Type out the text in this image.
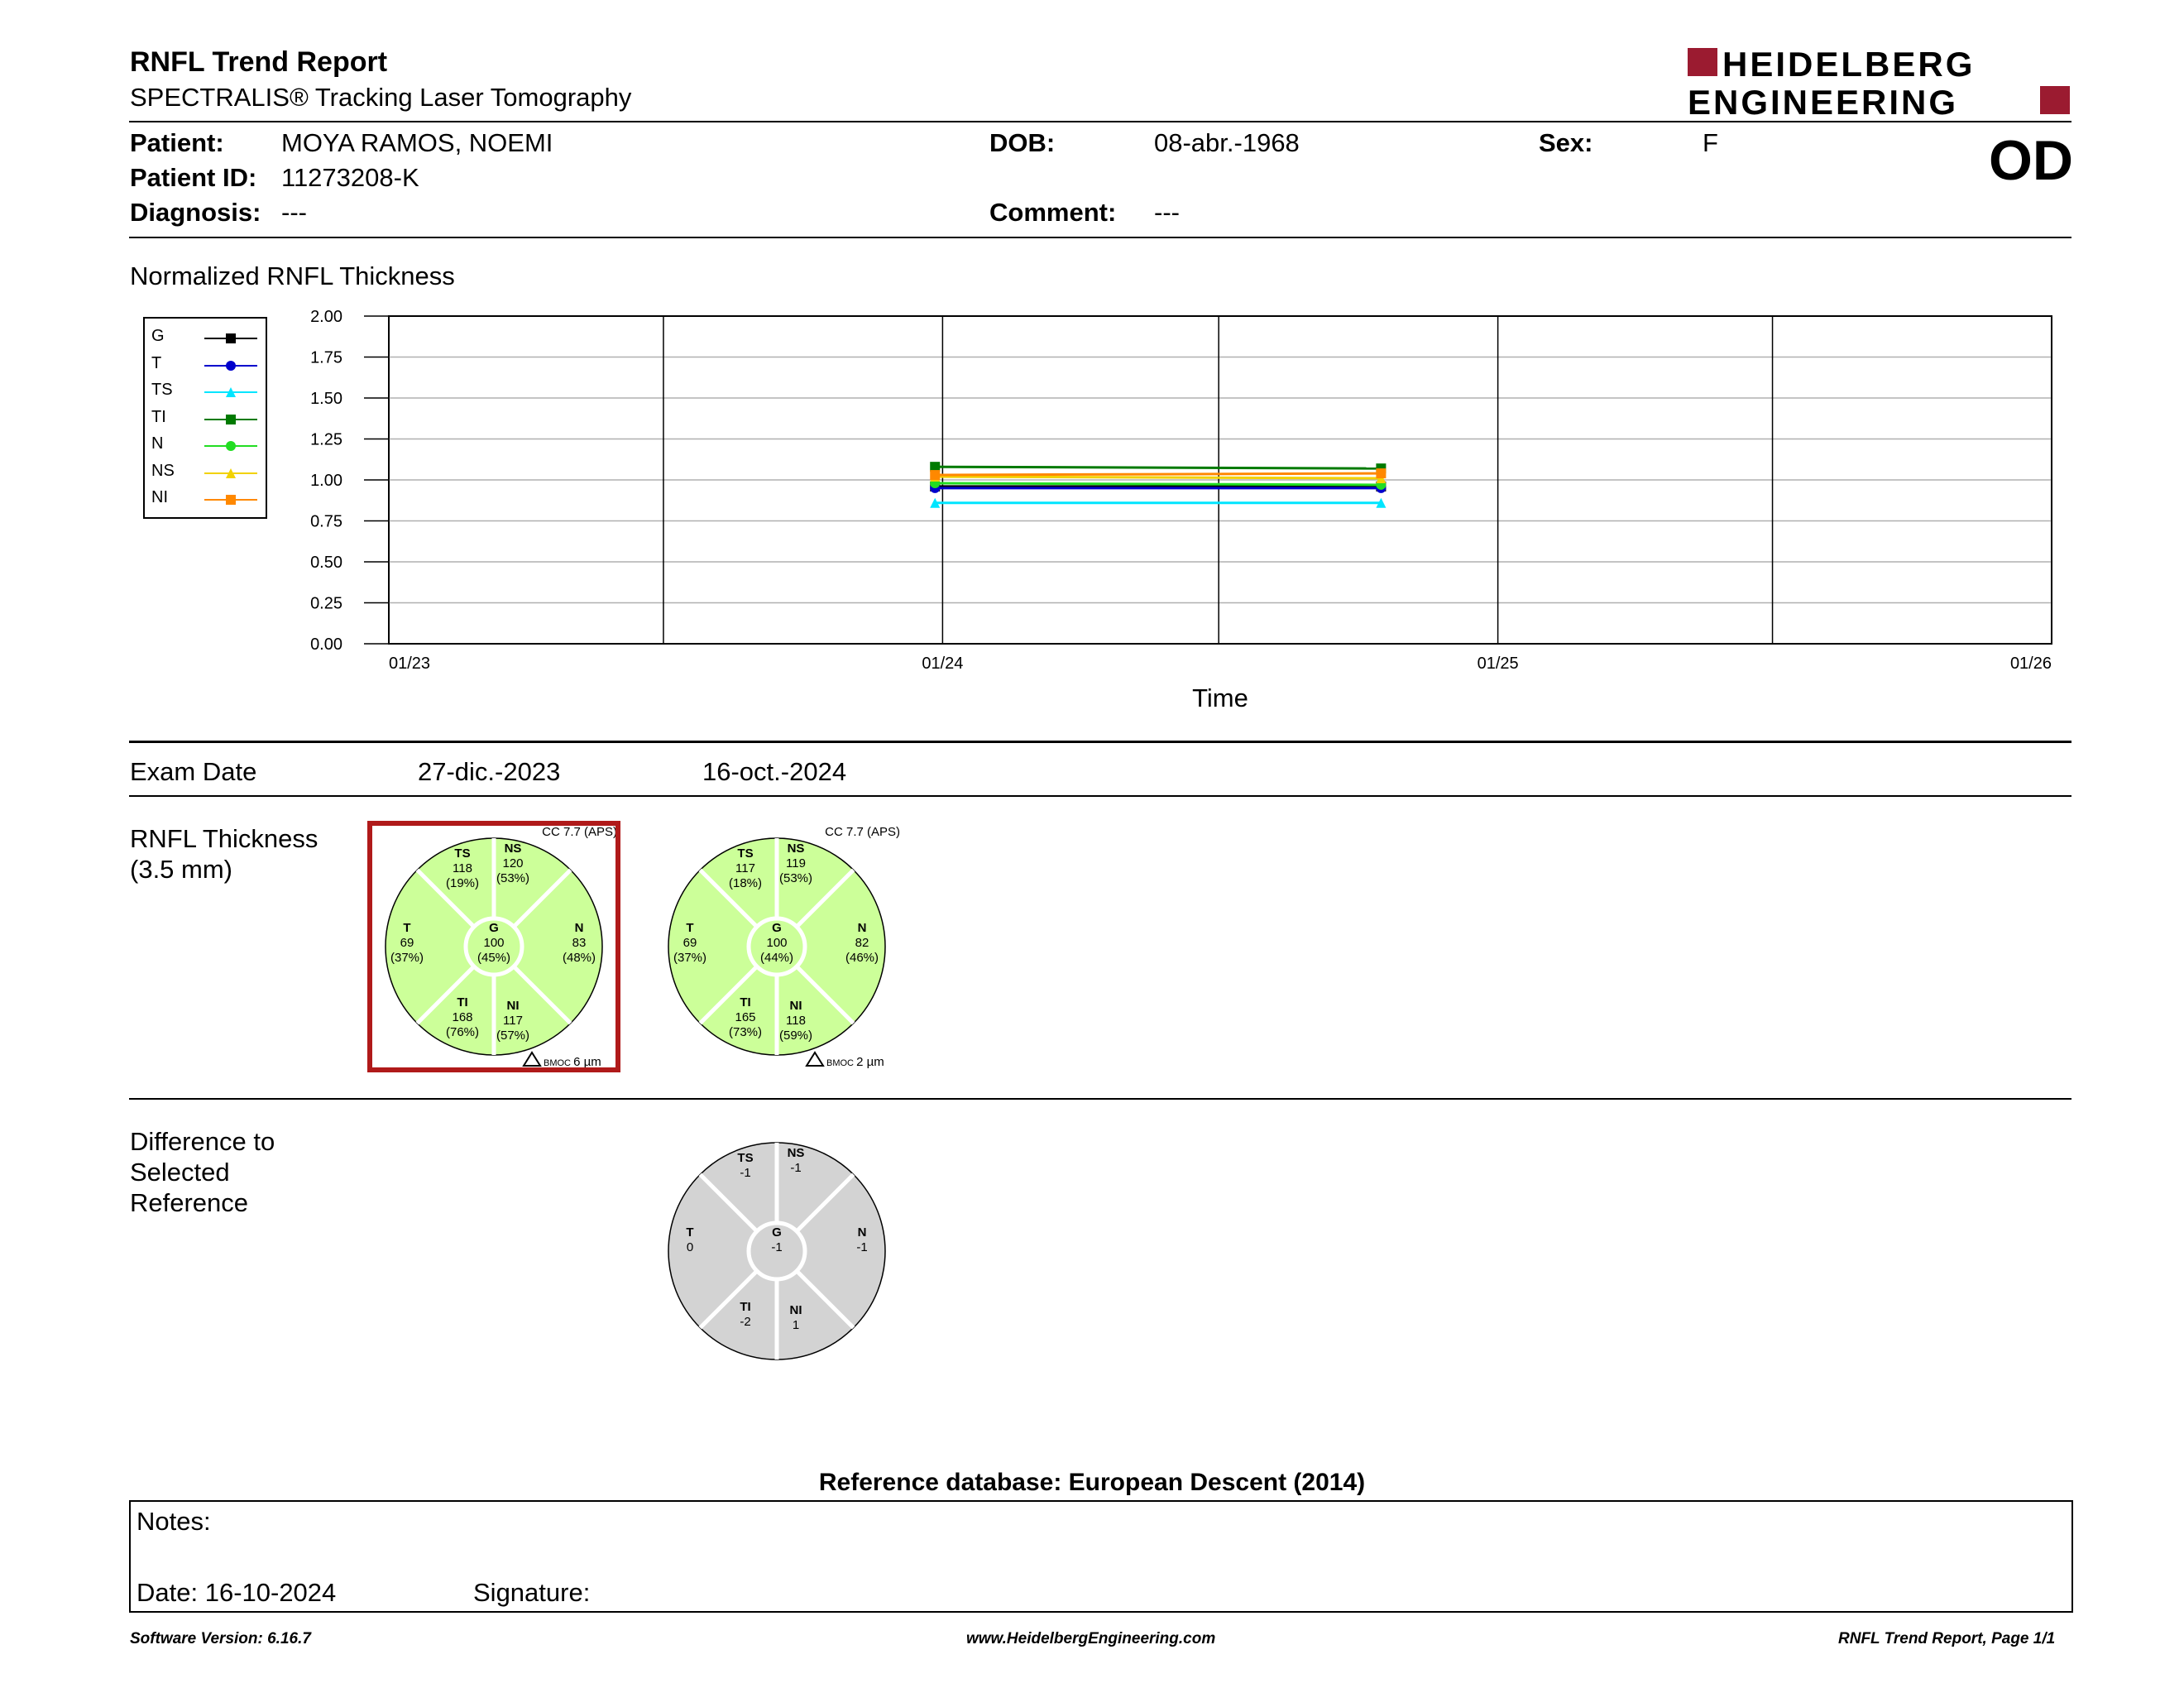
RNFL Trend Report
SPECTRALIS® Tracking Laser Tomography
HEIDELBERG
ENGINEERING
Patient: MOYA RAMOS, NOEMI
Patient ID: 11273208-K
Diagnosis: ---
DOB:	08-abr.-1968
Comment: ---
Sex:	F	OD
Normalized RNFL Thickness
G
T
TS
TI
N
NS
NI
0.00
0.25
0.50
0.75
1.00
1.25
1.50
1.75
2.00
01/23	01/24	01/25	01/26
Time
Exam Date	27-dic.-2023	16-oct.-2024
RNFL Thickness
(3.5 mm)
TS
118
(19%)
NS
120
(53%)
T
69
(37%)
G
100
(45%)
N
83
(48%)
TI
168
(76%)
NI
117
(57%)
CC 7.7 (APS)
BMOC 6 µm
TS
117
(18%)
NS
119
(53%)
T
69
(37%)
G
100
(44%)
N
82
(46%)
TI
165
(73%)
NI
118
(59%)
CC 7.7 (APS)
BMOC 2 µm
Difference to
Selected
Reference
TS
-1
NS
-1
T
0
G
-1
N
-1
TI
-2
NI
1
Reference database: European Descent (2014)
Notes:
Date: 16-10-2024	Signature:
Software Version: 6.16.7	www.HeidelbergEngineering.com	RNFL Trend Report, Page 1/1
